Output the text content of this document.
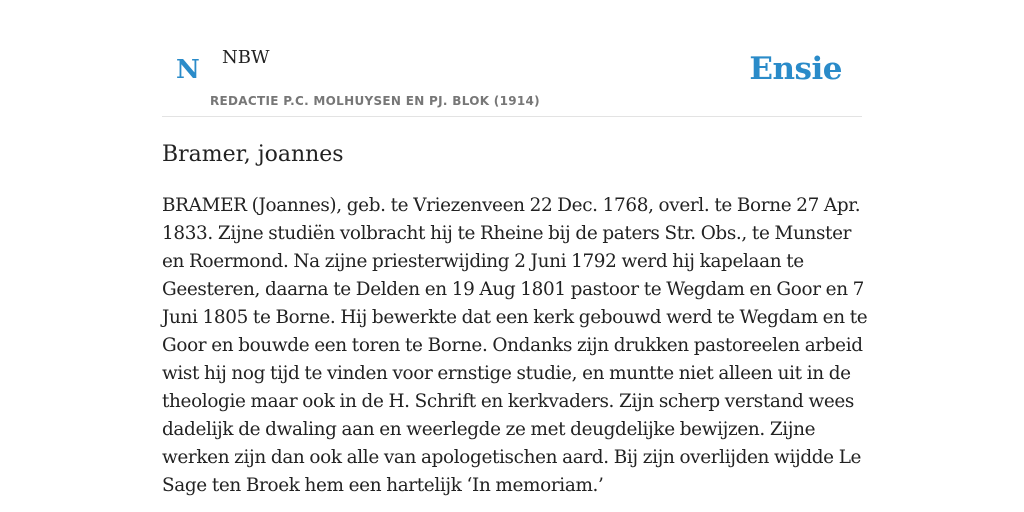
N NBW
REDACTIE P.C. MOLHUYSEN EN PJ. BLOK (1914)
Ensie
Bramer, joannes

BRAMER (Joannes), geb. te Vriezenveen 22 Dec. 1768, overl. te Borne 27 Apr. 1833. Zijne studiën volbracht hij te Rheine bij de paters Str. Obs., te Munster en Roermond. Na zijne priesterwijding 2 Juni 1792 werd hij kapelaan te Geesteren, daarna te Delden en 19 Aug 1801 pastoor te Wegdam en Goor en 7 Juni 1805 te Borne. Hij bewerkte dat een kerk gebouwd werd te Wegdam en te Goor en bouwde een toren te Borne. Ondanks zijn drukken pastoreelen arbeid wist hij nog tijd te vinden voor ernstige studie, en muntte niet alleen uit in de theologie maar ook in de H. Schrift en kerkvaders. Zijn scherp verstand wees dadelijk de dwaling aan en weerlegde ze met deugdelijke bewijzen. Zijne werken zijn dan ook alle van apologetischen aard. Bij zijn overlijden wijdde Le Sage ten Broek hem een hartelijk ‘In memoriam.’
